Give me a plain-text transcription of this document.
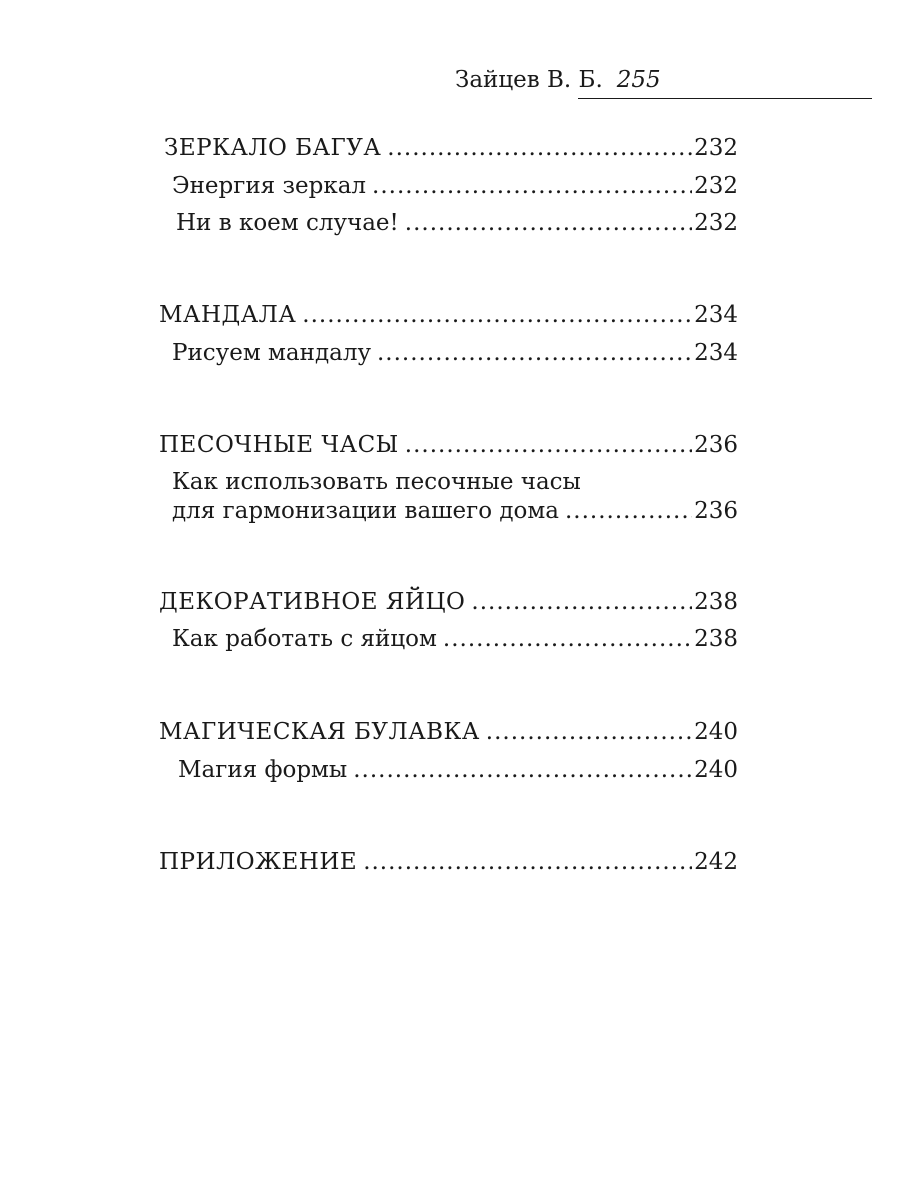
Зайцев В. Б. 255
ЗЕРКАЛО БАГУА .....	232
Энергия зеркал .....	232
Ни в коем случае! .....	232
МАНДАЛА .....	234
Рисуем мандалу .....	234
ПЕСОЧНЫЕ ЧАСЫ .....	236
Как использовать песочные часы
для гармонизации вашего дома .....	236
ДЕКОРАТИВНОЕ ЯЙЦО .....	238
Как работать с яйцом .....	238
МАГИЧЕСКАЯ БУЛАВКА .....	240
Магия формы .....	240
ПРИЛОЖЕНИЕ .....	242
